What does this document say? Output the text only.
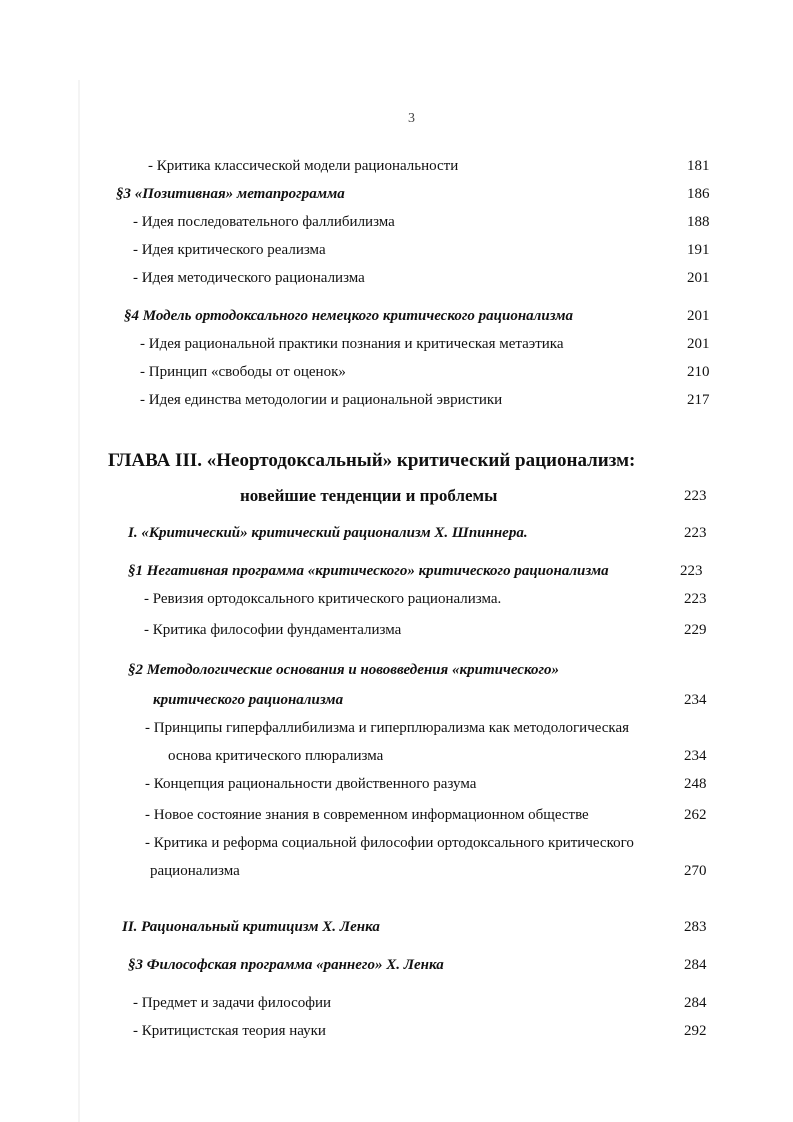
3
- Критика классической модели рациональности	181
§3 «Позитивная» метапрограмма	186
- Идея последовательного фаллибилизма	188
- Идея критического реализма	191
- Идея методического рационализма	201
§4 Модель ортодоксального немецкого критического рационализма	201
- Идея рациональной практики познания и критическая метаэтика	201
- Принцип «свободы от оценок»	210
- Идея единства методологии и рациональной эвристики	217
ГЛАВА III. «Неортодоксальный» критический рационализм:
новейшие тенденции и проблемы	223
I. «Критический» критический рационализм Х. Шпиннера.	223
§1 Негативная программа «критического» критического рационализма	223
- Ревизия ортодоксального критического рационализма.	223
- Критика философии фундаментализма	229
§2 Методологические основания и нововведения «критического»
критического рационализма	234
- Принципы гиперфаллибилизма и гиперплюрализма как методологическая
основа критического плюрализма	234
- Концепция рациональности двойственного разума	248
- Новое состояние знания в современном информационном обществе	262
- Критика и реформа социальной философии ортодоксального критического
рационализма	270
II. Рациональный критицизм Х. Ленка	283
§3 Философская программа «раннего» Х. Ленка	284
- Предмет и задачи философии	284
- Критицистская теория науки	292
